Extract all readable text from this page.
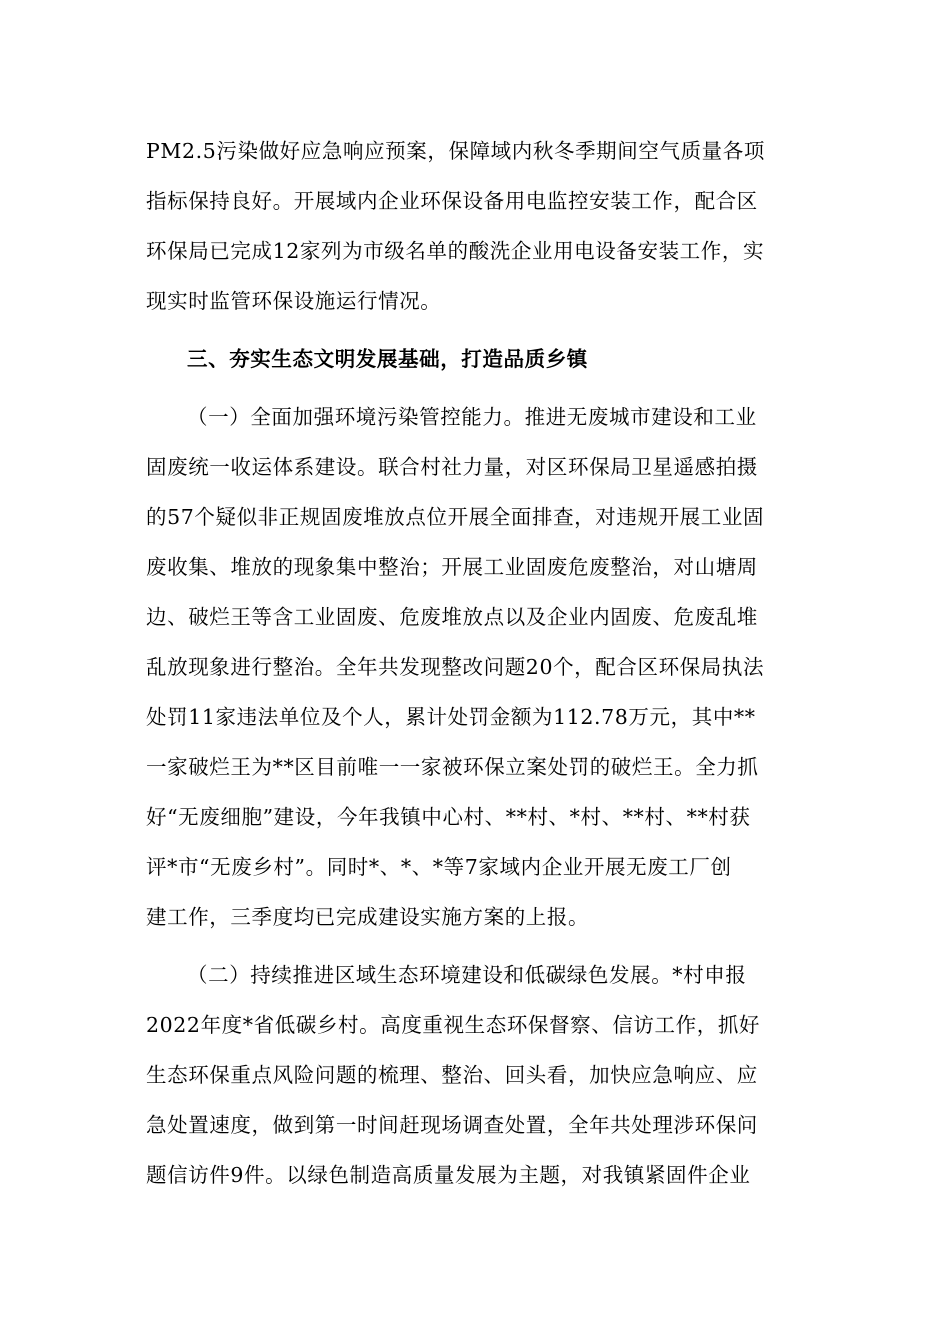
PM2.5污染做好应急响应预案，保障域内秋冬季期间空气质量各项
指标保持良好。开展域内企业环保设备用电监控安装工作，配合区
环保局已完成12家列为市级名单的酸洗企业用电设备安装工作，实
现实时监管环保设施运行情况。
三、夯实生态文明发展基础，打造品质乡镇
（一）全面加强环境污染管控能力。推进无废城市建设和工业
固废统一收运体系建设。联合村社力量，对区环保局卫星遥感拍摄
的57个疑似非正规固废堆放点位开展全面排查，对违规开展工业固
废收集、堆放的现象集中整治；开展工业固废危废整治，对山塘周
边、破烂王等含工业固废、危废堆放点以及企业内固废、危废乱堆
乱放现象进行整治。全年共发现整改问题20个，配合区环保局执法
处罚11家违法单位及个人，累计处罚金额为112.78万元，其中**
一家破烂王为**区目前唯一一家被环保立案处罚的破烂王。全力抓
好“无废细胞”建设，今年我镇中心村、**村、*村、**村、**村获
评*市“无废乡村”。同时*、*、*等7家域内企业开展无废工厂创
建工作，三季度均已完成建设实施方案的上报。
（二）持续推进区域生态环境建设和低碳绿色发展。*村申报
2022年度*省低碳乡村。高度重视生态环保督察、信访工作，抓好
生态环保重点风险问题的梳理、整治、回头看，加快应急响应、应
急处置速度，做到第一时间赶现场调查处置，全年共处理涉环保问
题信访件9件。以绿色制造高质量发展为主题，对我镇紧固件企业
